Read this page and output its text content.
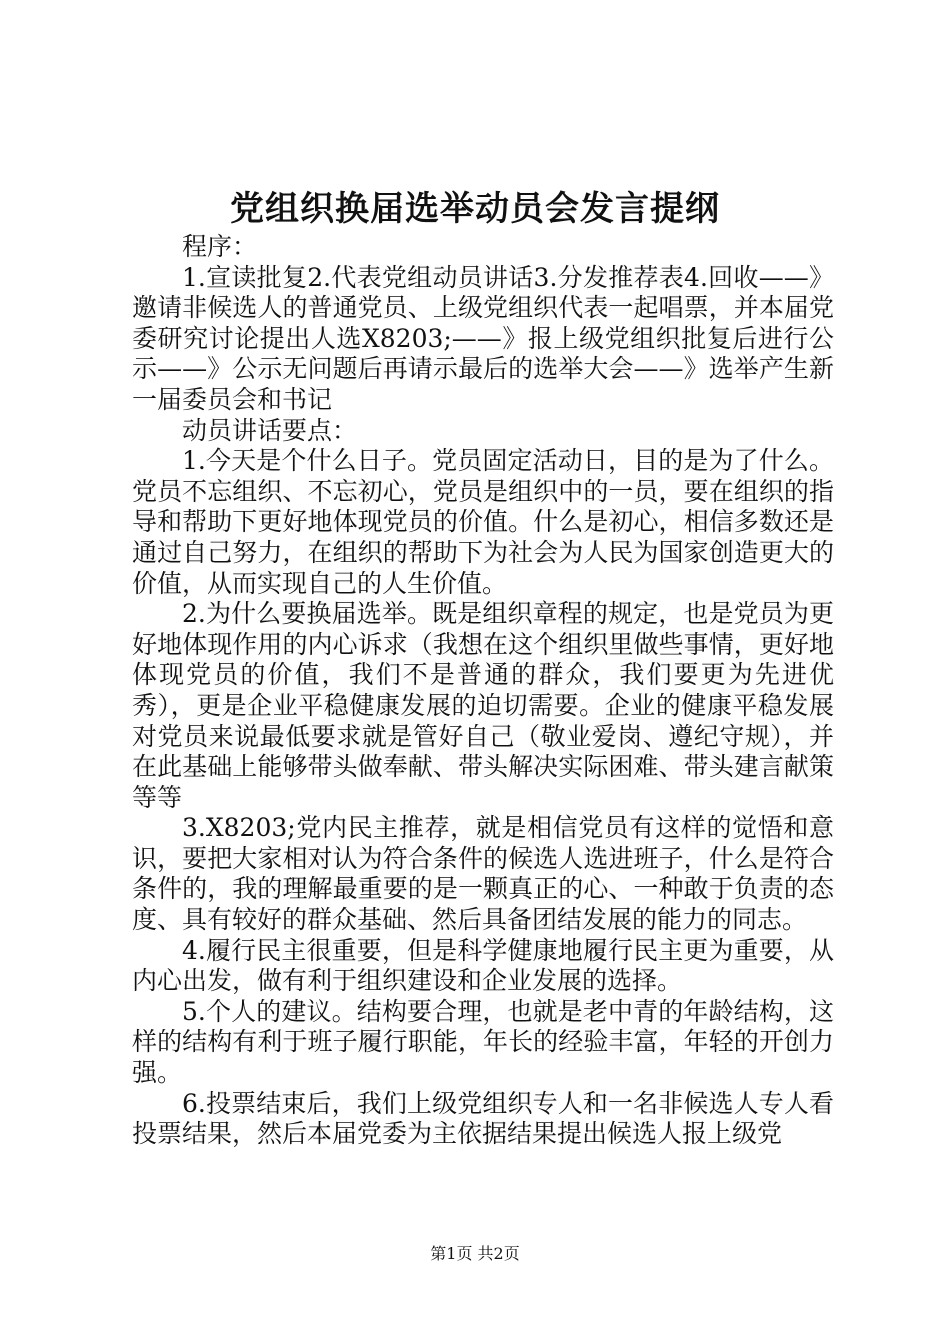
党组织换届选举动员会发言提纲

程序：

1.宣读批复2.代表党组动员讲话3.分发推荐表4.回收——》邀请非候选人的普通党员、上级党组织代表一起唱票，并本届党委研究讨论提出人选X8203;——》报上级党组织批复后进行公示——》公示无问题后再请示最后的选举大会——》选举产生新一届委员会和书记

动员讲话要点：

1.今天是个什么日子。党员固定活动日，目的是为了什么。党员不忘组织、不忘初心，党员是组织中的一员，要在组织的指导和帮助下更好地体现党员的价值。什么是初心，相信多数还是通过自己努力，在组织的帮助下为社会为人民为国家创造更大的价值，从而实现自己的人生价值。

2.为什么要换届选举。既是组织章程的规定，也是党员为更好地体现作用的内心诉求（我想在这个组织里做些事情，更好地体现党员的价值，我们不是普通的群众，我们要更为先进优秀），更是企业平稳健康发展的迫切需要。企业的健康平稳发展对党员来说最低要求就是管好自己（敬业爱岗、遵纪守规），并在此基础上能够带头做奉献、带头解决实际困难、带头建言献策等等

3.X8203;党内民主推荐，就是相信党员有这样的觉悟和意识，要把大家相对认为符合条件的候选人选进班子，什么是符合条件的，我的理解最重要的是一颗真正的心、一种敢于负责的态度、具有较好的群众基础、然后具备团结发展的能力的同志。

4.履行民主很重要，但是科学健康地履行民主更为重要，从内心出发，做有利于组织建设和企业发展的选择。

5.个人的建议。结构要合理，也就是老中青的年龄结构，这样的结构有利于班子履行职能，年长的经验丰富，年轻的开创力强。

6.投票结束后，我们上级党组织专人和一名非候选人专人看投票结果，然后本届党委为主依据结果提出候选人报上级党

第1页 共2页
